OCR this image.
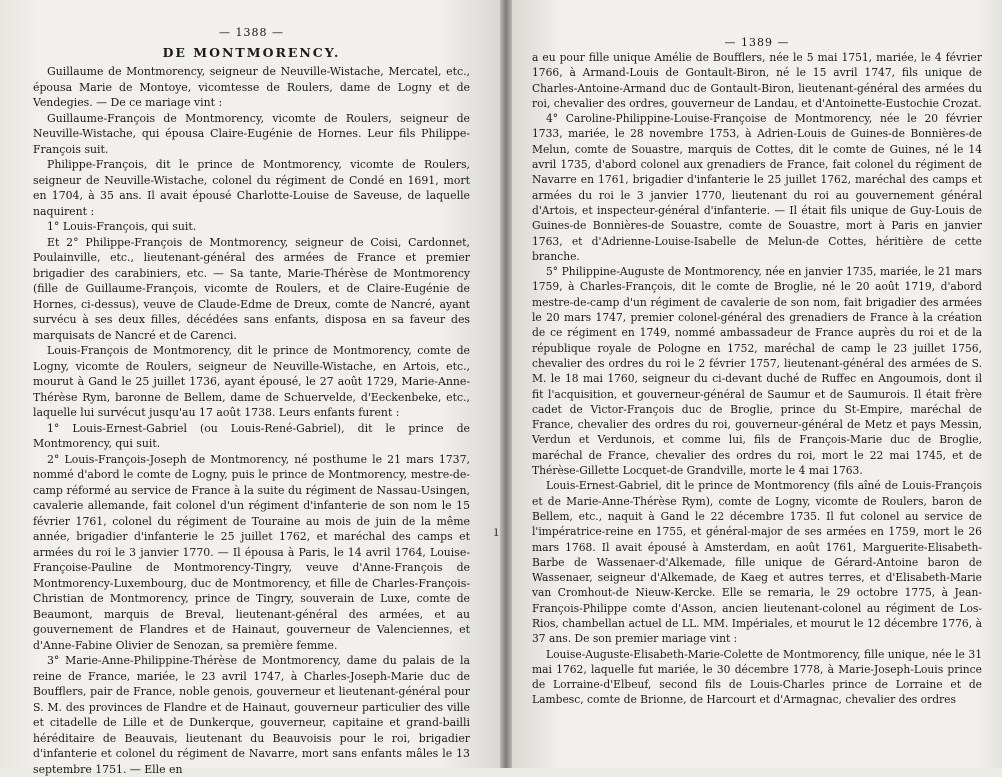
— 1388 —
DE MONTMORENCY.

Guillaume de Montmorency, seigneur de Neuville-Wistache, Mercatel, etc., épousa Marie de Montoye, vicomtesse de Roulers, dame de Logny et de Vendegies. — De ce mariage vint :

Guillaume-François de Montmorency, vicomte de Roulers, seigneur de Neuville-Wistache, qui épousa Claire-Eugénie de Hornes. Leur fils Philippe-François suit.

Philippe-François, dit le prince de Montmorency, vicomte de Roulers, seigneur de Neuville-Wistache, colonel du régiment de Condé en 1691, mort en 1704, à 35 ans. Il avait épousé Charlotte-Louise de Saveuse, de laquelle naquirent :

1° Louis-François, qui suit.

Et 2° Philippe-François de Montmorency, seigneur de Coisi, Cardonnet, Poulainville, etc., lieutenant-général des armées de France et premier brigadier des carabiniers, etc. — Sa tante, Marie-Thérèse de Montmorency (fille de Guillaume-François, vicomte de Roulers, et de Claire-Eugénie de Hornes, ci-dessus), veuve de Claude-Edme de Dreux, comte de Nancré, ayant survécu à ses deux filles, décédées sans enfants, disposa en sa faveur des marquisats de Nancré et de Carenci.

Louis-François de Montmorency, dit le prince de Montmorency, comte de Logny, vicomte de Roulers, seigneur de Neuville-Wistache, en Artois, etc., mourut à Gand le 25 juillet 1736, ayant épousé, le 27 août 1729, Marie-Anne-Thérèse Rym, baronne de Bellem, dame de Schuervelde, d'Eeckenbeke, etc., laquelle lui survécut jusqu'au 17 août 1738. Leurs enfants furent :

1° Louis-Ernest-Gabriel (ou Louis-René-Gabriel), dit le prince de Montmorency, qui suit.

2° Louis-François-Joseph de Montmorency, né posthume le 21 mars 1737, nommé d'abord le comte de Logny, puis le prince de Montmorency, mestre-de-camp réformé au service de France à la suite du régiment de Nassau-Usingen, cavalerie allemande, fait colonel d'un régiment d'infanterie de son nom le 15 février 1761, colonel du régiment de Touraine au mois de juin de la même année, brigadier d'infanterie le 25 juillet 1762, et maréchal des camps et armées du roi le 3 janvier 1770. — Il épousa à Paris, le 14 avril 1764, Louise-Françoise-Pauline de Montmorency-Tingry, veuve d'Anne-François de Montmorency-Luxembourg, duc de Montmorency, et fille de Charles-François-Christian de Montmorency, prince de Tingry, souverain de Luxe, comte de Beaumont, marquis de Breval, lieutenant-général des armées, et au gouvernement de Flandres et de Hainaut, gouverneur de Valenciennes, et d'Anne-Fabine Olivier de Senozan, sa première femme.

3° Marie-Anne-Philippine-Thérèse de Montmorency, dame du palais de la reine de France, mariée, le 23 avril 1747, à Charles-Joseph-Marie duc de Boufflers, pair de France, noble genois, gouverneur et lieutenant-général pour S. M. des provinces de Flandre et de Hainaut, gouverneur particulier des ville et citadelle de Lille et de Dunkerque, gouverneur, capitaine et grand-bailli héréditaire de Beauvais, lieutenant du Beauvoisis pour le roi, brigadier d'infanterie et colonel du régiment de Navarre, mort sans enfants mâles le 13 septembre 1751. — Elle en

ı
— 1389 —

a eu pour fille unique Amélie de Boufflers, née le 5 mai 1751, mariée, le 4 février 1766, à Armand-Louis de Gontault-Biron, né le 15 avril 1747, fils unique de Charles-Antoine-Armand duc de Gontault-Biron, lieutenant-général des armées du roi, chevalier des ordres, gouverneur de Landau, et d'Antoinette-Eustochie Crozat.

4° Caroline-Philippine-Louise-Françoise de Montmorency, née le 20 février 1733, mariée, le 28 novembre 1753, à Adrien-Louis de Guines-de Bonnières-de Melun, comte de Souastre, marquis de Cottes, dit le comte de Guines, né le 14 avril 1735, d'abord colonel aux grenadiers de France, fait colonel du régiment de Navarre en 1761, brigadier d'infanterie le 25 juillet 1762, maréchal des camps et armées du roi le 3 janvier 1770, lieutenant du roi au gouvernement général d'Artois, et inspecteur-général d'infanterie. — Il était fils unique de Guy-Louis de Guines-de Bonnières-de Souastre, comte de Souastre, mort à Paris en janvier 1763, et d'Adrienne-Louise-Isabelle de Melun-de Cottes, héritière de cette branche.

5° Philippine-Auguste de Montmorency, née en janvier 1735, mariée, le 21 mars 1759, à Charles-François, dit le comte de Broglie, né le 20 août 1719, d'abord mestre-de-camp d'un régiment de cavalerie de son nom, fait brigadier des armées le 20 mars 1747, premier colonel-général des grenadiers de France à la création de ce régiment en 1749, nommé ambassadeur de France auprès du roi et de la république royale de Pologne en 1752, maréchal de camp le 23 juillet 1756, chevalier des ordres du roi le 2 février 1757, lieutenant-général des armées de S. M. le 18 mai 1760, seigneur du ci-devant duché de Ruffec en Angoumois, dont il fit l'acquisition, et gouverneur-général de Saumur et de Saumurois. Il était frère cadet de Victor-François duc de Broglie, prince du St-Empire, maréchal de France, chevalier des ordres du roi, gouverneur-général de Metz et pays Messin, Verdun et Verdunois, et comme lui, fils de François-Marie duc de Broglie, maréchal de France, chevalier des ordres du roi, mort le 22 mai 1745, et de Thérèse-Gillette Locquet-de Grandville, morte le 4 mai 1763.

Louis-Ernest-Gabriel, dit le prince de Montmorency (fils aîné de Louis-François et de Marie-Anne-Thérèse Rym), comte de Logny, vicomte de Roulers, baron de Bellem, etc., naquit à Gand le 22 décembre 1735. Il fut colonel au service de l'impératrice-reine en 1755, et général-major de ses armées en 1759, mort le 26 mars 1768. Il avait épousé à Amsterdam, en août 1761, Marguerite-Elisabeth-Barbe de Wassenaer-d'Alkemade, fille unique de Gérard-Antoine baron de Wassenaer, seigneur d'Alkemade, de Kaeg et autres terres, et d'Elisabeth-Marie van Cromhout-de Nieuw-Kercke. Elle se remaria, le 29 octobre 1775, à Jean-François-Philippe comte d'Asson, ancien lieutenant-colonel au régiment de Los-Rios, chambellan actuel de LL. MM. Impériales, et mourut le 12 décembre 1776, à 37 ans. De son premier mariage vint :

Louise-Auguste-Elisabeth-Marie-Colette de Montmorency, fille unique, née le 31 mai 1762, laquelle fut mariée, le 30 décembre 1778, à Marie-Joseph-Louis prince de Lorraine-d'Elbeuf, second fils de Louis-Charles prince de Lorraine et de Lambesc, comte de Brionne, de Harcourt et d'Armagnac, chevalier des ordres
